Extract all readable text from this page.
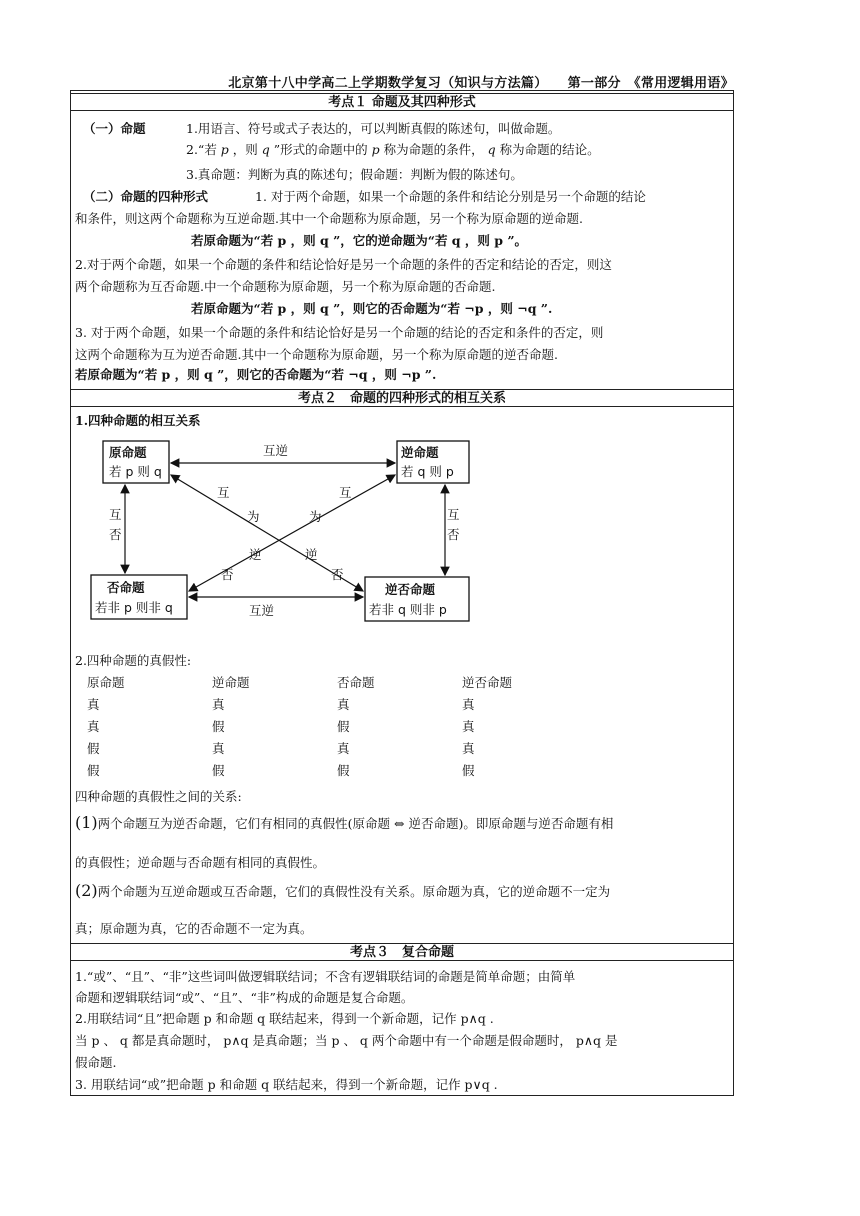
北京第十八中学高二上学期数学复习（知识与方法篇）　　第一部分　《常用逻辑用语》
考点１ 命题及其四种形式
（一）命题	1.用语言、符号或式子表达的，可以判断真假的陈述句，叫做命题。
2.“若 p ，则 q ”形式的命题中的 p 称为命题的条件， q 称为命题的结论。
3.真命题：判断为真的陈述句；假命题：判断为假的陈述句。
（二）命题的四种形式	1. 对于两个命题，如果一个命题的条件和结论分别是另一个命题的结论
和条件，则这两个命题称为互逆命题.其中一个命题称为原命题，另一个称为原命题的逆命题.
若原命题为“若 p ，则 q ”，它的逆命题为“若 q ，则 p ”。
2.对于两个命题，如果一个命题的条件和结论恰好是另一个命题的条件的否定和结论的否定，则这
两个命题称为互否命题.中一个命题称为原命题，另一个称为原命题的否命题.
若原命题为“若 p ，则 q ”，则它的否命题为“若 ¬p ，则 ¬q ”.
3. 对于两个命题，如果一个命题的条件和结论恰好是另一个命题的结论的否定和条件的否定，则
这两个命题称为互为逆否命题.其中一个命题称为原命题，另一个称为原命题的逆否命题.
若原命题为“若 p ，则 q ”，则它的否命题为“若 ¬q ，则 ¬p ”.
考点２　命题的四种形式的相互关系
1.四种命题的相互关系
原命题
若 p 则 q
逆命题
若 q 则 p
否命题
若非 p 则非 q
逆否命题
若非 q 则非 p
互逆
互逆
互
否
互
否
互
为
逆
否
互
为
逆
否
2.四种命题的真假性:
原命题	逆命题	否命题	逆否命题
真	真	真	真
真	假	假	真
假	真	真	真
假	假	假	假
四种命题的真假性之间的关系:
(1)两个命题互为逆否命题，它们有相同的真假性(原命题 ⇔ 逆否命题)。即原命题与逆否命题有相
的真假性；逆命题与否命题有相同的真假性。
(2)两个命题为互逆命题或互否命题，它们的真假性没有关系。原命题为真，它的逆命题不一定为
真；原命题为真，它的否命题不一定为真。
考点３　复合命题
1.“或”、“且”、“非”这些词叫做逻辑联结词；不含有逻辑联结词的命题是简单命题；由简单
命题和逻辑联结词“或”、“且”、“非”构成的命题是复合命题。
2.用联结词“且”把命题 p 和命题 q 联结起来，得到一个新命题，记作 p∧q .
当 p 、 q 都是真命题时， p∧q 是真命题；当 p 、 q 两个命题中有一个命题是假命题时， p∧q 是
假命题.
3. 用联结词“或”把命题 p 和命题 q 联结起来，得到一个新命题，记作 p∨q .
